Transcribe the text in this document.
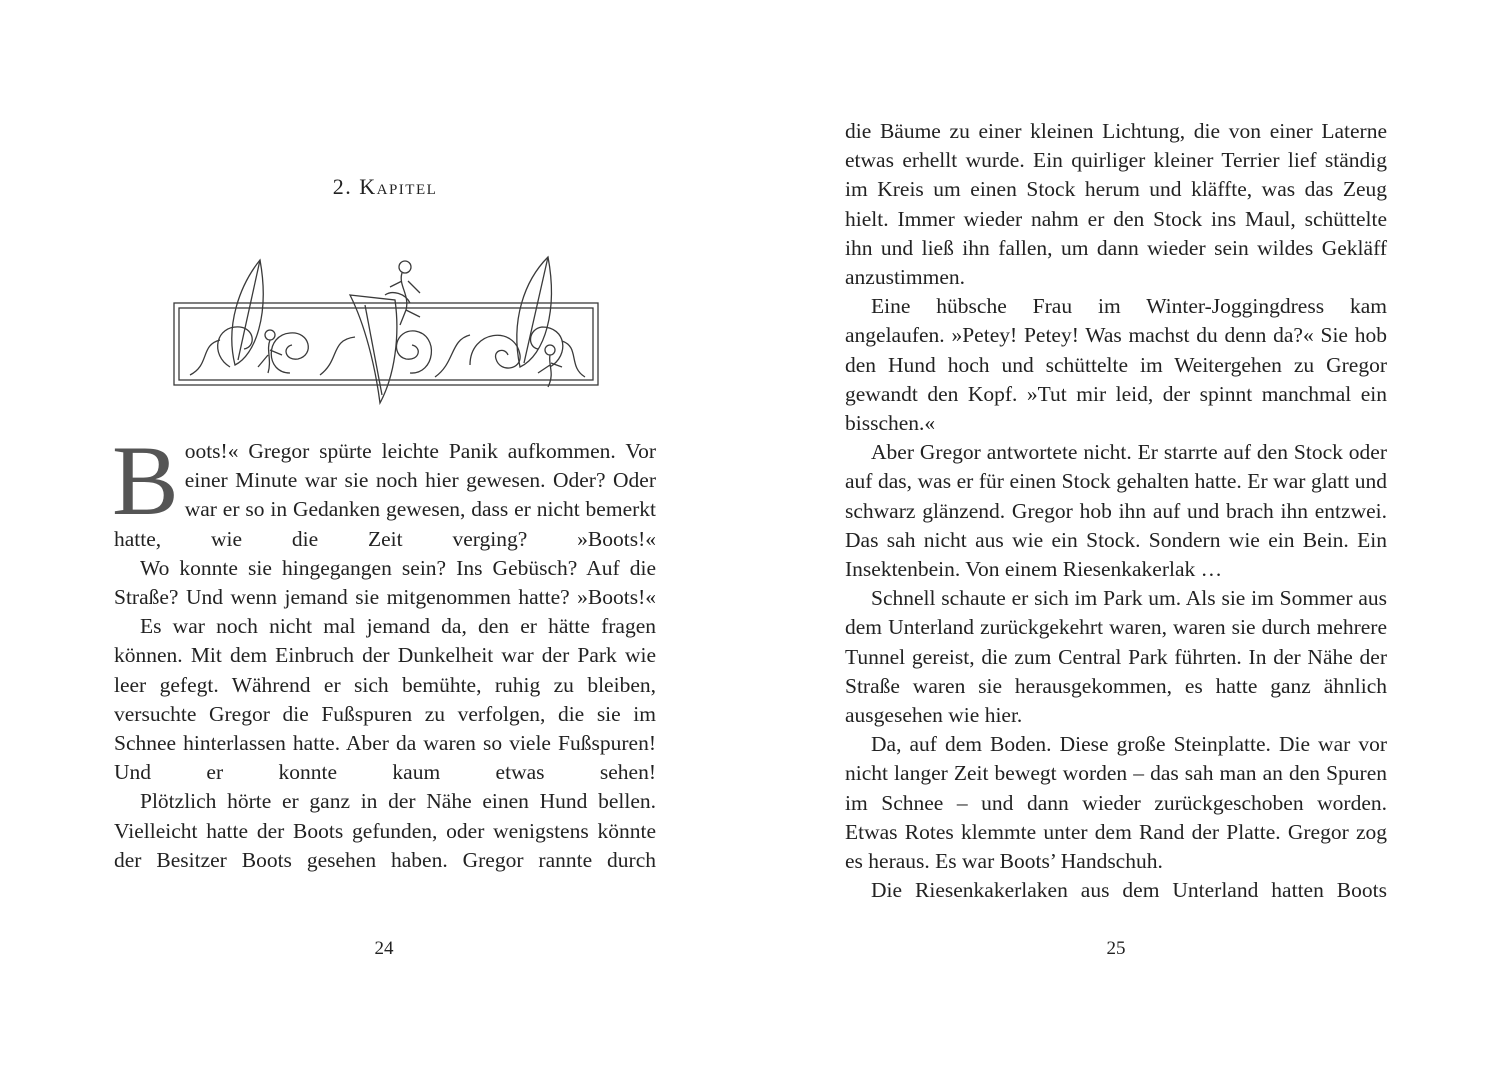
2. Kapitel

Boots!« Gregor spürte leichte Panik aufkommen. Vor einer Minute war sie noch hier gewesen. Oder? Oder war er so in Gedanken gewesen, dass er nicht bemerkt hatte, wie die Zeit verging? »Boots!«

Wo konnte sie hingegangen sein? Ins Gebüsch? Auf die Straße? Und wenn jemand sie mitgenommen hatte? »Boots!«

Es war noch nicht mal jemand da, den er hätte fragen können. Mit dem Einbruch der Dunkelheit war der Park wie leer gefegt. Während er sich bemühte, ruhig zu bleiben, versuchte Gregor die Fußspuren zu verfolgen, die sie im Schnee hinterlassen hatte. Aber da waren so viele Fußspuren! Und er konnte kaum etwas sehen!

Plötzlich hörte er ganz in der Nähe einen Hund bellen. Vielleicht hatte der Boots gefunden, oder wenigstens könnte der Besitzer Boots gesehen haben. Gregor rannte durch

24

die Bäume zu einer kleinen Lichtung, die von einer Laterne etwas erhellt wurde. Ein quirliger kleiner Terrier lief ständig im Kreis um einen Stock herum und kläffte, was das Zeug hielt. Immer wieder nahm er den Stock ins Maul, schüttelte ihn und ließ ihn fallen, um dann wieder sein wildes Gekläff anzustimmen.

Eine hübsche Frau im Winter-Joggingdress kam angelaufen. »Petey! Petey! Was machst du denn da?« Sie hob den Hund hoch und schüttelte im Weitergehen zu Gregor gewandt den Kopf. »Tut mir leid, der spinnt manchmal ein bisschen.«

Aber Gregor antwortete nicht. Er starrte auf den Stock oder auf das, was er für einen Stock gehalten hatte. Er war glatt und schwarz glänzend. Gregor hob ihn auf und brach ihn entzwei. Das sah nicht aus wie ein Stock. Sondern wie ein Bein. Ein Insektenbein. Von einem Riesenkakerlak …

Schnell schaute er sich im Park um. Als sie im Sommer aus dem Unterland zurückgekehrt waren, waren sie durch mehrere Tunnel gereist, die zum Central Park führten. In der Nähe der Straße waren sie herausgekommen, es hatte ganz ähnlich ausgesehen wie hier.

Da, auf dem Boden. Diese große Steinplatte. Die war vor nicht langer Zeit bewegt worden – das sah man an den Spuren im Schnee – und dann wieder zurückgeschoben worden. Etwas Rotes klemmte unter dem Rand der Platte. Gregor zog es heraus. Es war Boots’ Handschuh.

Die Riesenkakerlaken aus dem Unterland hatten Boots

25
